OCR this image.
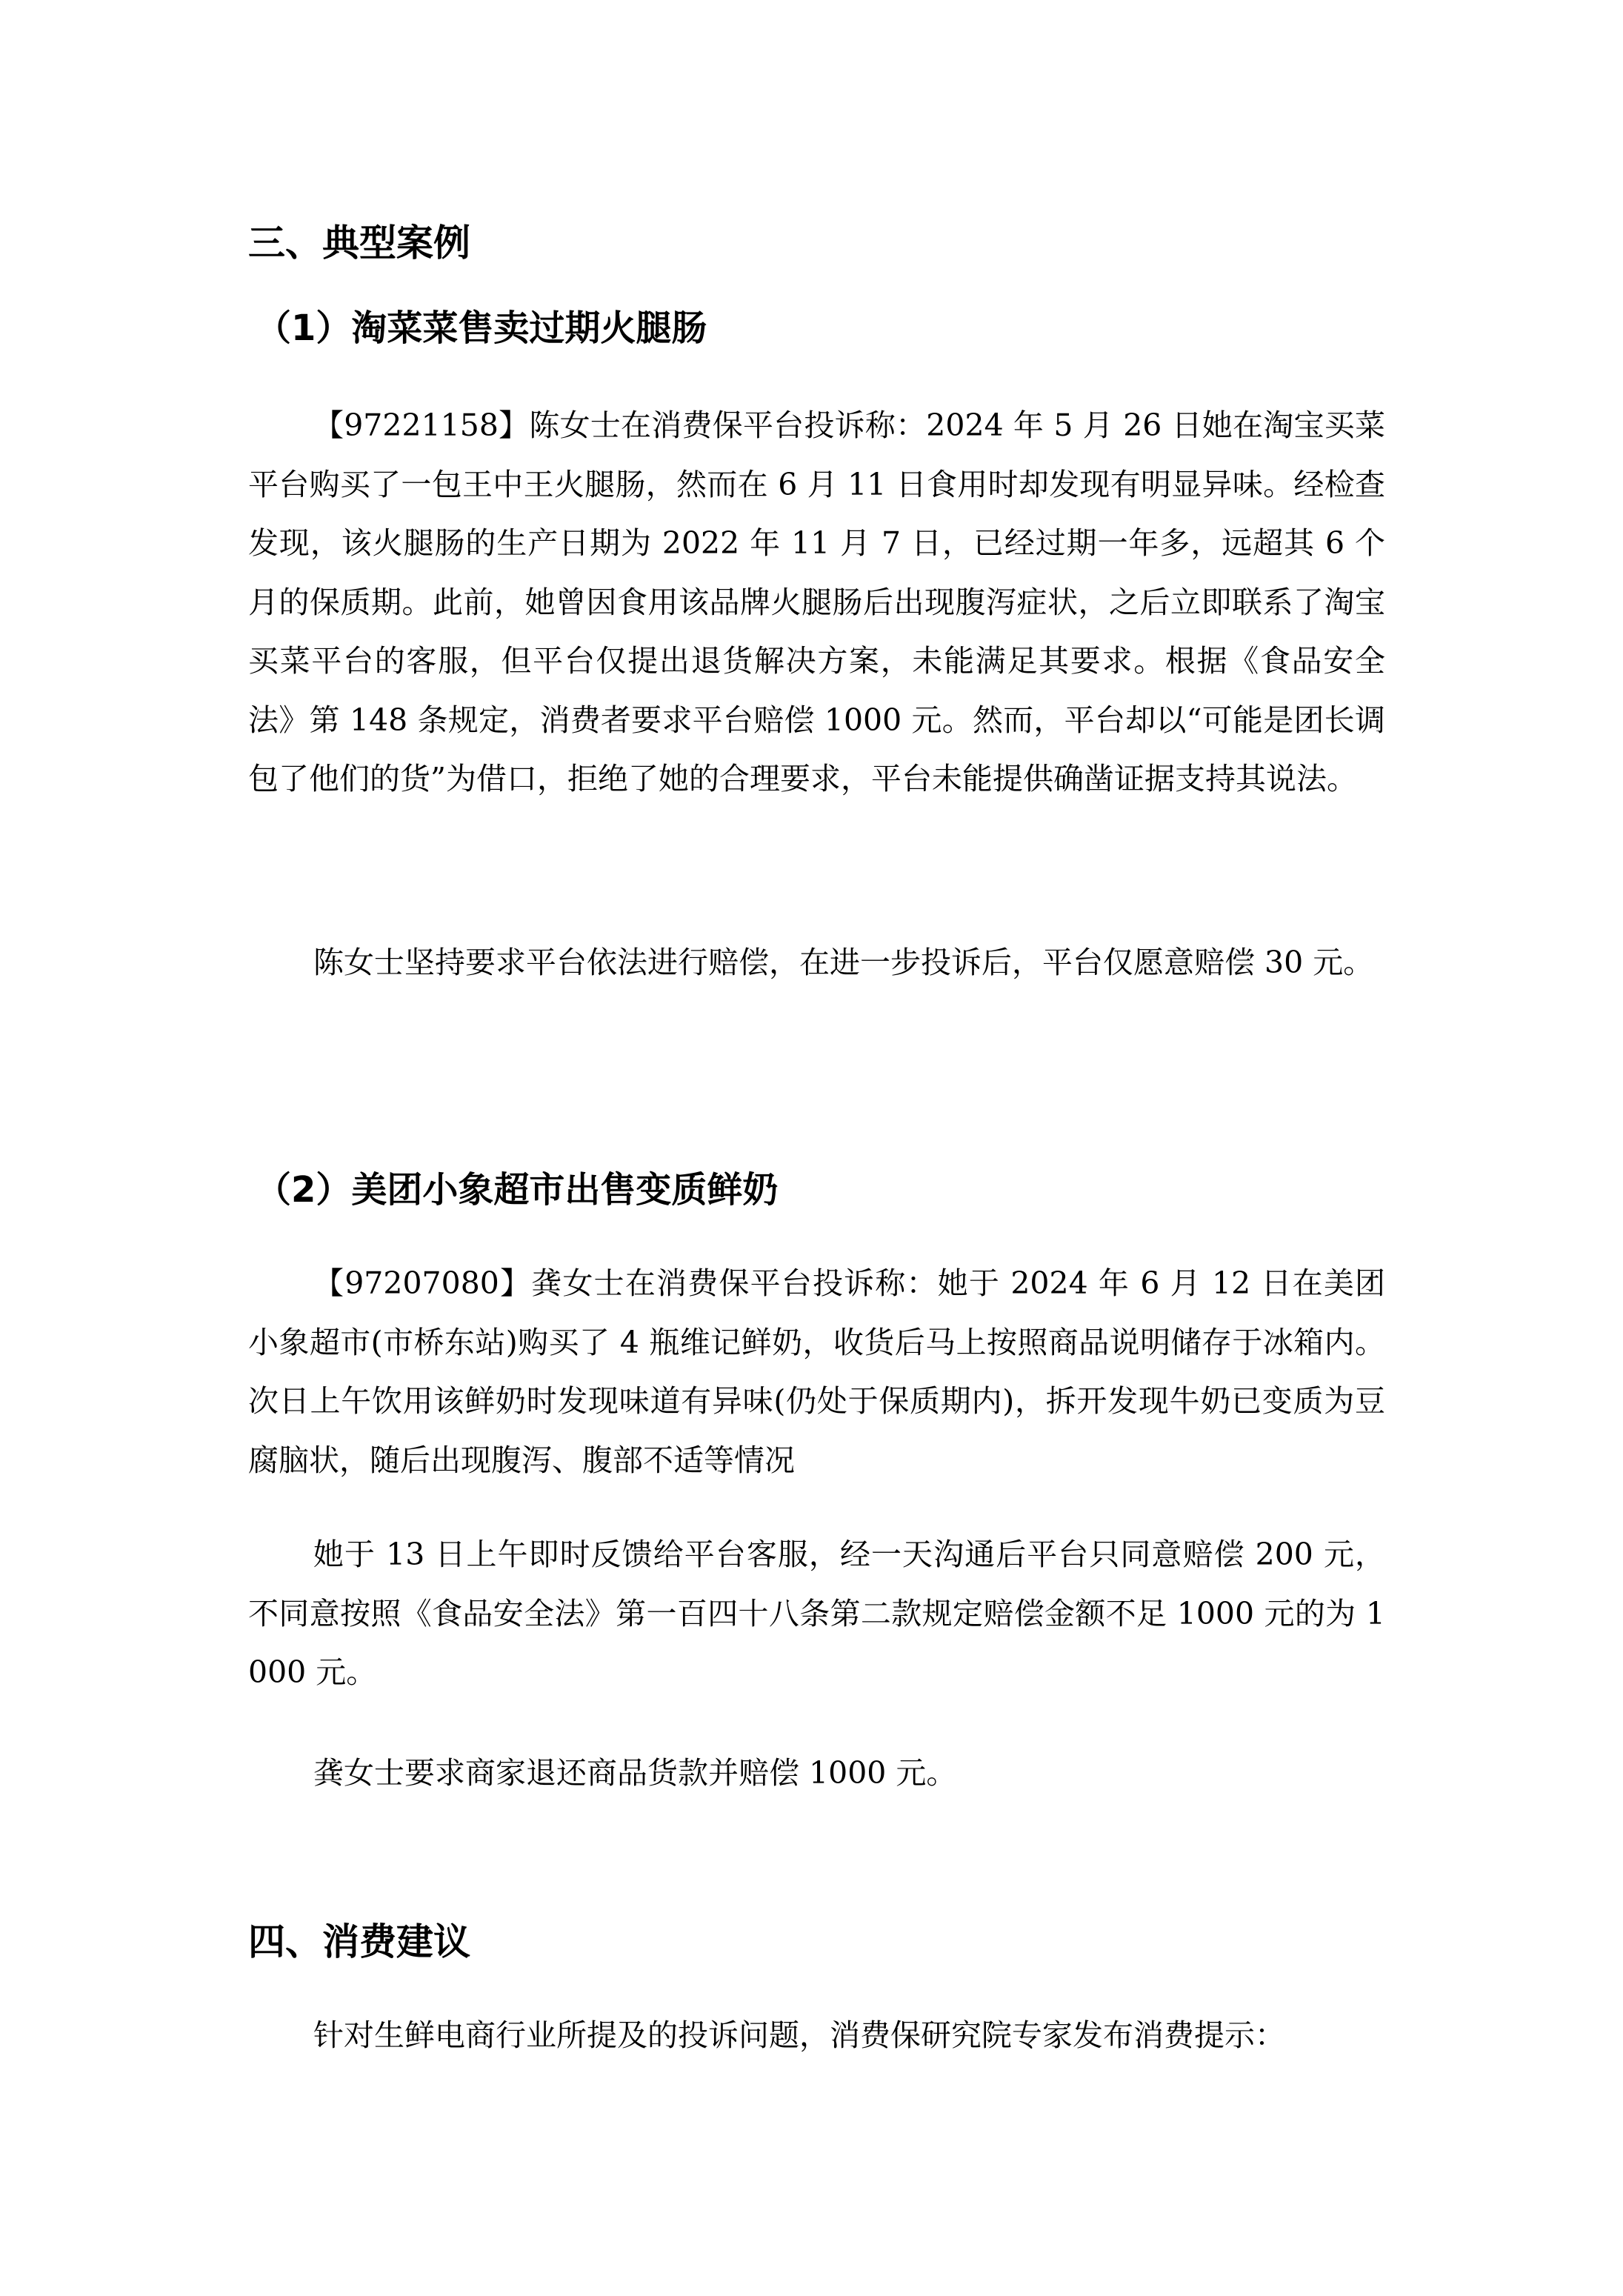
三、典型案例
（1）淘菜菜售卖过期火腿肠

【97221158】陈女士在消费保平台投诉称：2024 年 5 月 26 日她在淘宝买菜平台购买了一包王中王火腿肠，然而在 6 月 11 日食用时却发现有明显异味。经检查发现，该火腿肠的生产日期为 2022 年 11 月 7 日，已经过期一年多，远超其 6 个月的保质期。此前，她曾因食用该品牌火腿肠后出现腹泻症状，之后立即联系了淘宝买菜平台的客服，但平台仅提出退货解决方案，未能满足其要求。根据《食品安全法》第 148 条规定，消费者要求平台赔偿 1000 元。然而，平台却以“可能是团长调包了他们的货”为借口，拒绝了她的合理要求，平台未能提供确凿证据支持其说法。

陈女士坚持要求平台依法进行赔偿，在进一步投诉后，平台仅愿意赔偿 30 元。

（2）美团小象超市出售变质鲜奶

【97207080】龚女士在消费保平台投诉称：她于 2024 年 6 月 12 日在美团小象超市(市桥东站)购买了 4 瓶维记鲜奶，收货后马上按照商品说明储存于冰箱内。次日上午饮用该鲜奶时发现味道有异味(仍处于保质期内)，拆开发现牛奶已变质为豆腐脑状，随后出现腹泻、腹部不适等情况

她于 13 日上午即时反馈给平台客服，经一天沟通后平台只同意赔偿 200 元，不同意按照《食品安全法》第一百四十八条第二款规定赔偿金额不足 1000 元的为 1000 元。

龚女士要求商家退还商品货款并赔偿 1000 元。

四、消费建议

针对生鲜电商行业所提及的投诉问题，消费保研究院专家发布消费提示：
